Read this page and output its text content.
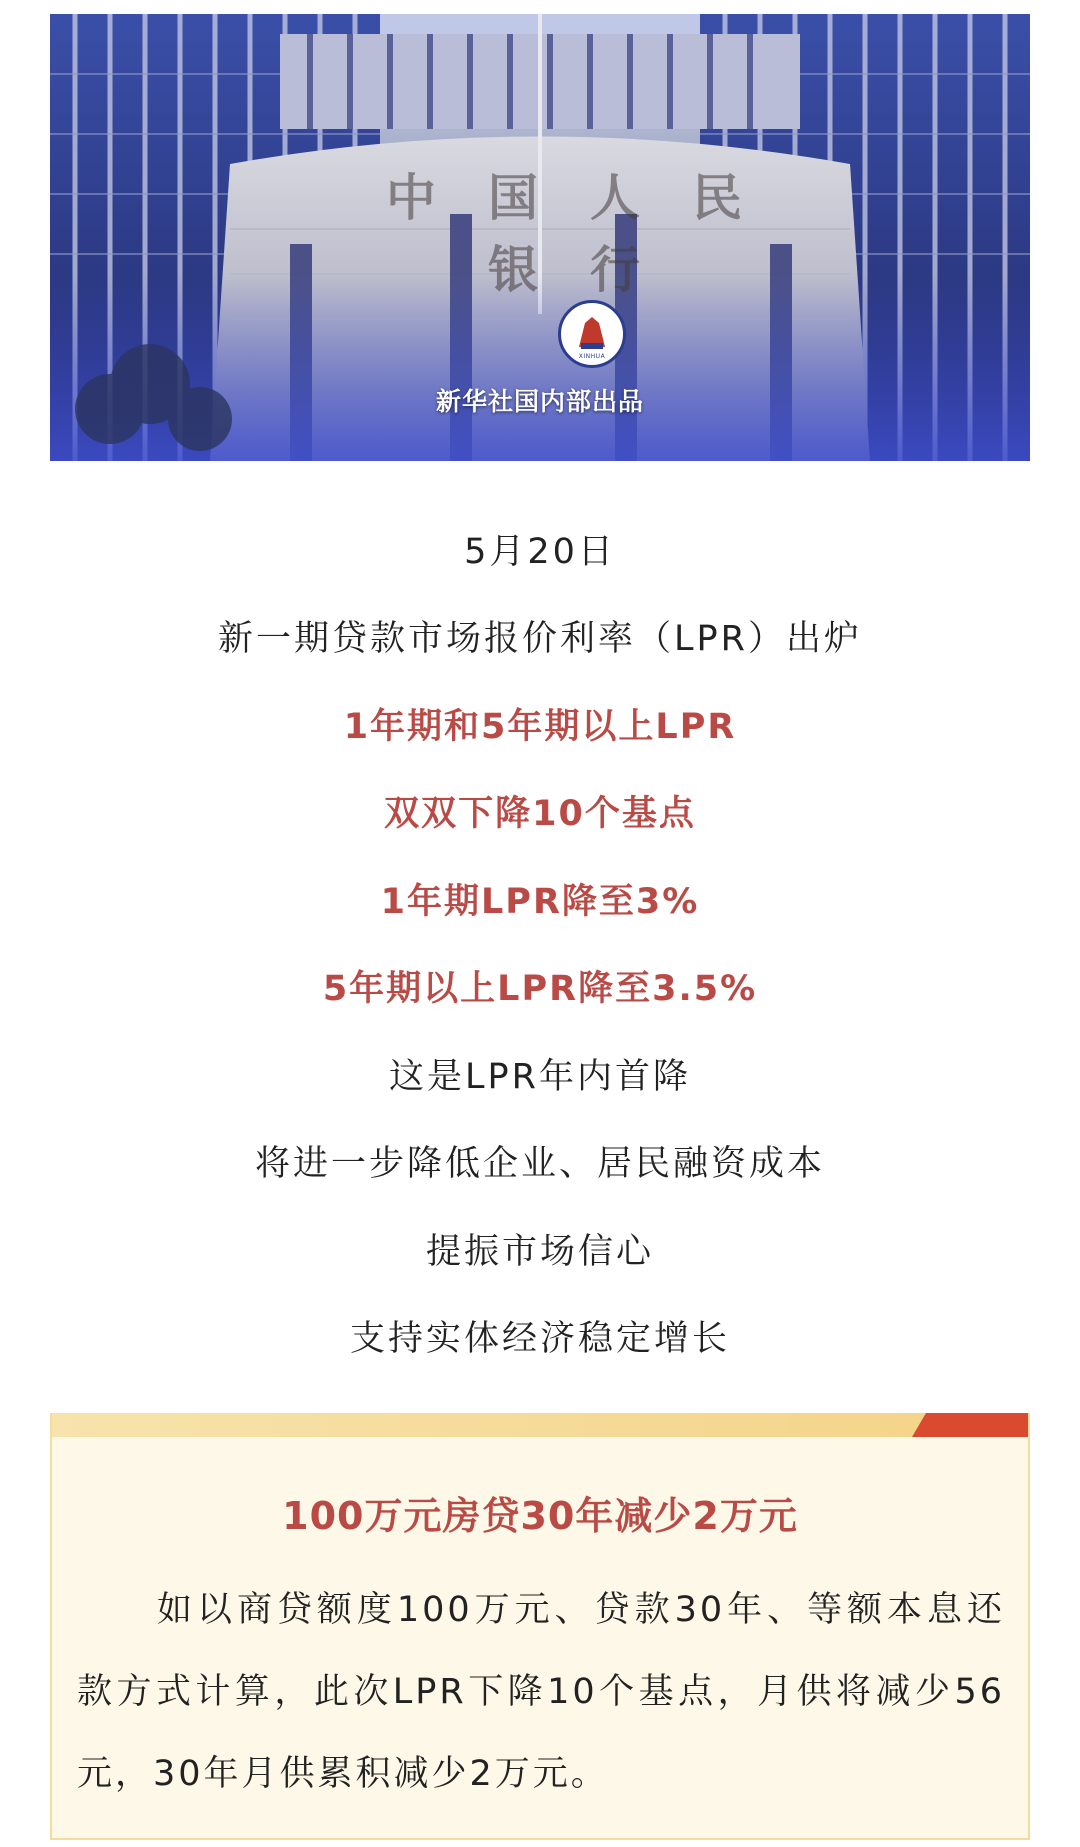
中国人民银行
XINHUA
新华社国内部出品
5月20日
新一期贷款市场报价利率（LPR）出炉
1年期和5年期以上LPR
双双下降10个基点
1年期LPR降至3%
5年期以上LPR降至3.5%
这是LPR年内首降
将进一步降低企业、居民融资成本
提振市场信心
支持实体经济稳定增长
100万元房贷30年减少2万元
如以商贷额度100万元、贷款30年、等额本息还款方式计算，此次LPR下降10个基点，月供将减少56元，30年月供累积减少2万元。
